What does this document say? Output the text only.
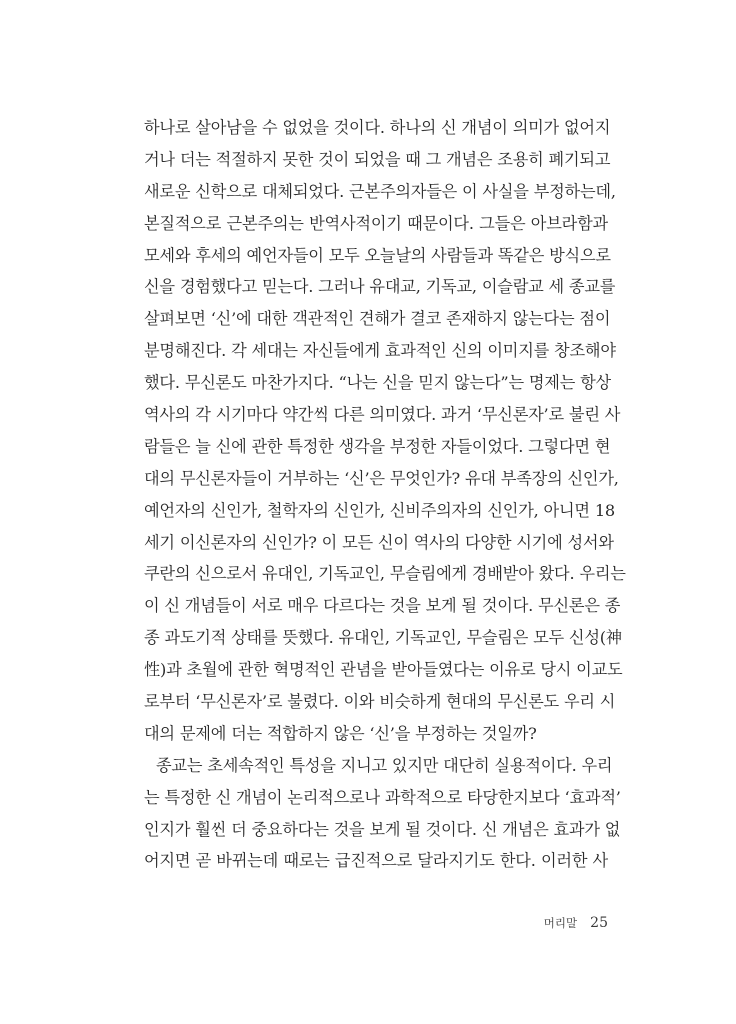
하나로 살아남을 수 없었을 것이다. 하나의 신 개념이 의미가 없어지
거나 더는 적절하지 못한 것이 되었을 때 그 개념은 조용히 폐기되고
새로운 신학으로 대체되었다. 근본주의자들은 이 사실을 부정하는데,
본질적으로 근본주의는 반역사적이기 때문이다. 그들은 아브라함과
모세와 후세의 예언자들이 모두 오늘날의 사람들과 똑같은 방식으로
신을 경험했다고 믿는다. 그러나 유대교, 기독교, 이슬람교 세 종교를
살펴보면 ‘신’에 대한 객관적인 견해가 결코 존재하지 않는다는 점이
분명해진다. 각 세대는 자신들에게 효과적인 신의 이미지를 창조해야
했다. 무신론도 마찬가지다. “나는 신을 믿지 않는다”는 명제는 항상
역사의 각 시기마다 약간씩 다른 의미였다. 과거 ‘무신론자’로 불린 사
람들은 늘 신에 관한 특정한 생각을 부정한 자들이었다. 그렇다면 현
대의 무신론자들이 거부하는 ‘신’은 무엇인가? 유대 부족장의 신인가,
예언자의 신인가, 철학자의 신인가, 신비주의자의 신인가, 아니면 18
세기 이신론자의 신인가? 이 모든 신이 역사의 다양한 시기에 성서와
쿠란의 신으로서 유대인, 기독교인, 무슬림에게 경배받아 왔다. 우리는
이 신 개념들이 서로 매우 다르다는 것을 보게 될 것이다. 무신론은 종
종 과도기적 상태를 뜻했다. 유대인, 기독교인, 무슬림은 모두 신성(神
性)과 초월에 관한 혁명적인 관념을 받아들였다는 이유로 당시 이교도
로부터 ‘무신론자’로 불렸다. 이와 비슷하게 현대의 무신론도 우리 시
대의 문제에 더는 적합하지 않은 ‘신’을 부정하는 것일까?
종교는 초세속적인 특성을 지니고 있지만 대단히 실용적이다. 우리
는 특정한 신 개념이 논리적으로나 과학적으로 타당한지보다 ‘효과적’
인지가 훨씬 더 중요하다는 것을 보게 될 것이다. 신 개념은 효과가 없
어지면 곧 바뀌는데 때로는 급진적으로 달라지기도 한다. 이러한 사
머리말 25
